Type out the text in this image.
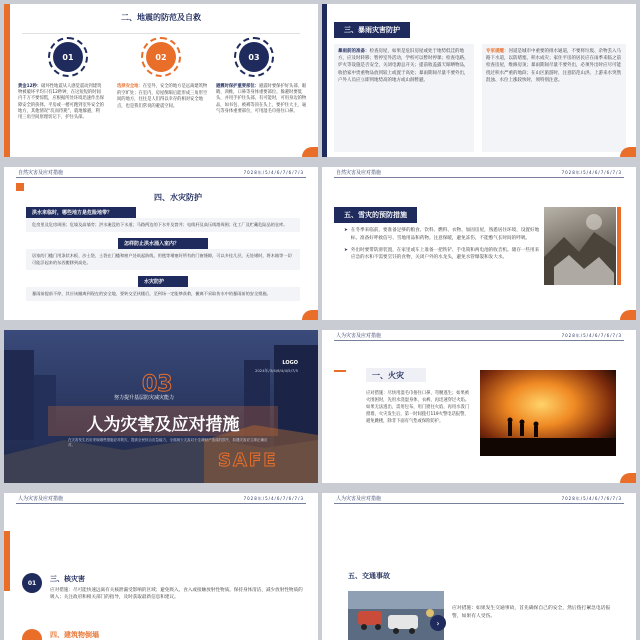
二、地震的防范及自救
01	02	03
黄金12秒：破坏性地震从人感觉震动到建筑物被破坏平均只有12秒钟，在这短短的时间内千万不要惊慌，应根据所处环境迅速作出保障安全的抉择。平房或一楼可跑到室外安全的地方，其他情况“坑而待毙”，就地躲避，利用三角空间原理切记下，护住头部。
选择安全地：在室外，安全的地方是远离建筑物的空旷处；在室内，房屋倒塌后能形成三角形空间的地方，往往是人们得以幸存的相对安全地点，也是我们常说的避震空间。
避震时保护重要部位：避震时要保护好头部、眼睛、颈椎，口鼻等身体重要部位。躲避时要低头，并用手护住头部，有可能时，可用身边的物品，如书包、被褥等顶在头上，要护住大主、毫气等身体重要部位，可用湿毛巾捂住口鼻。
三、暴雨灾害防护
暴雨前的准备：检查房屋，如果是危旧房屋或处于地势低洼的地方，应及时转移；暂停室外活动，学校可以暂时停课；检查电路、炉火等设施是否安全，关闭电源总开关；提前收盖露天晾晒物品，收拾家中贵重物品放到较上或置于高处；暴雨期间尽量不要外出，户外人员应立即到地势高的地方或山洞暂避。
专家提醒：河道是城市中重要的排水通道，不要将垃圾、杂物丢入马路下水道，以防堵塞，积水成灾；家住平房的居民应在雨季来临之前检查房屋，维修房顶；暴雨期间尽量不要外出，必须外出时应尽可能绕过积水严重的地段；在山区旅游时，注意防范山洪。上游来水突然混浊、水位上涨较快时，须特别注意。
自然灾害及应对措施	7028年/5/4/6/7/6/7/3
四、水灾防护
洪水来临时，哪些地方是危险地带？
危房里及危房周围；危墙及高墙旁；洪水淹没的下水道；马路两边的下水井及窨井；电线杆及高压线塔周围；化工厂及贮藏危险品的仓库。
怎样防止洪水涌入室内？
居家的门槛门用条状木板、沙土袋、土袋在门槛和窗户处筑起防线，用毯等堵塞好所有的门窗缝隙，可以多挂几层，无处堵时，将木箱等一切可能浮起来的东西搬移到高处。
水灾防护
暴雨前提前不停，其应该撤离到现在的安全地、要转交至伙楼后，至到场一定能够获救，撤离不采取伤水中的暴雨前的安全措施。
自然灾害及应对措施	7028年/5/4/6/7/6/7/3
五、雪灾的预防措施
➤ 在冬季来临前，要准备足够的粮食、饮料、燃料、衣物、加固房屋，熟悉居住环境，设置好地标，准备好呼救信号、雪地用品和药物。注意保暖，避免冻伤，不能憋气长时间的呼吸。
➤ 外出时要带防滑装置，在家里或车上准备一把铁铲、手电筒和两电池的收音机。储存一些用来应急的水和不需要烹饪的食物，关闭户外的水龙头，避免水管爆裂和发大水。
LOGO
2024年/3/4/6/4/4/5/7/5
03
努力提升基层防灾减灾能力
人为灾害及应对措施
在灾害发生后应采取哪些措施应对救灾，提高全民综合应急能力，全面减少灾害对于生命财产造成的损失，如遇灾害应立即正确应对。
SAFE
人为灾害及应对措施	7028年/5/4/6/7/6/7/3
一、火灾
应对措施：尽快用湿毛巾捂住口鼻，弯腰逃生；如果被火围困时，先用水浇湿身体、衣裤，再迅速穿过火焰。如果无法逃出，需用包布，用门窗往火焰，再用水泼门窗墙，火灾发生后，第一时间拨打119火警电话报警，避免跳楼，除非下面有气垫或保险防护。
人为灾害及应对措施	7028年/5/4/6/7/6/7/3
01	三、核灾害
应对措施：尽可能快速远离有关核泄漏受影响的区域；避免吸入、食入或接触放射性物质。保持身体清洁，减少放射性物质的吸入；关注政府和相关部门的指导，及时获取最新信息和建议。
四、建筑物倒塌
人为灾害及应对措施	7028年/5/4/6/7/6/7/3
五、交通事故
›
应对措施：如果发生交通事故，首先确保自己的安全，然后拨打紧急电话报警，如果有人受伤。
